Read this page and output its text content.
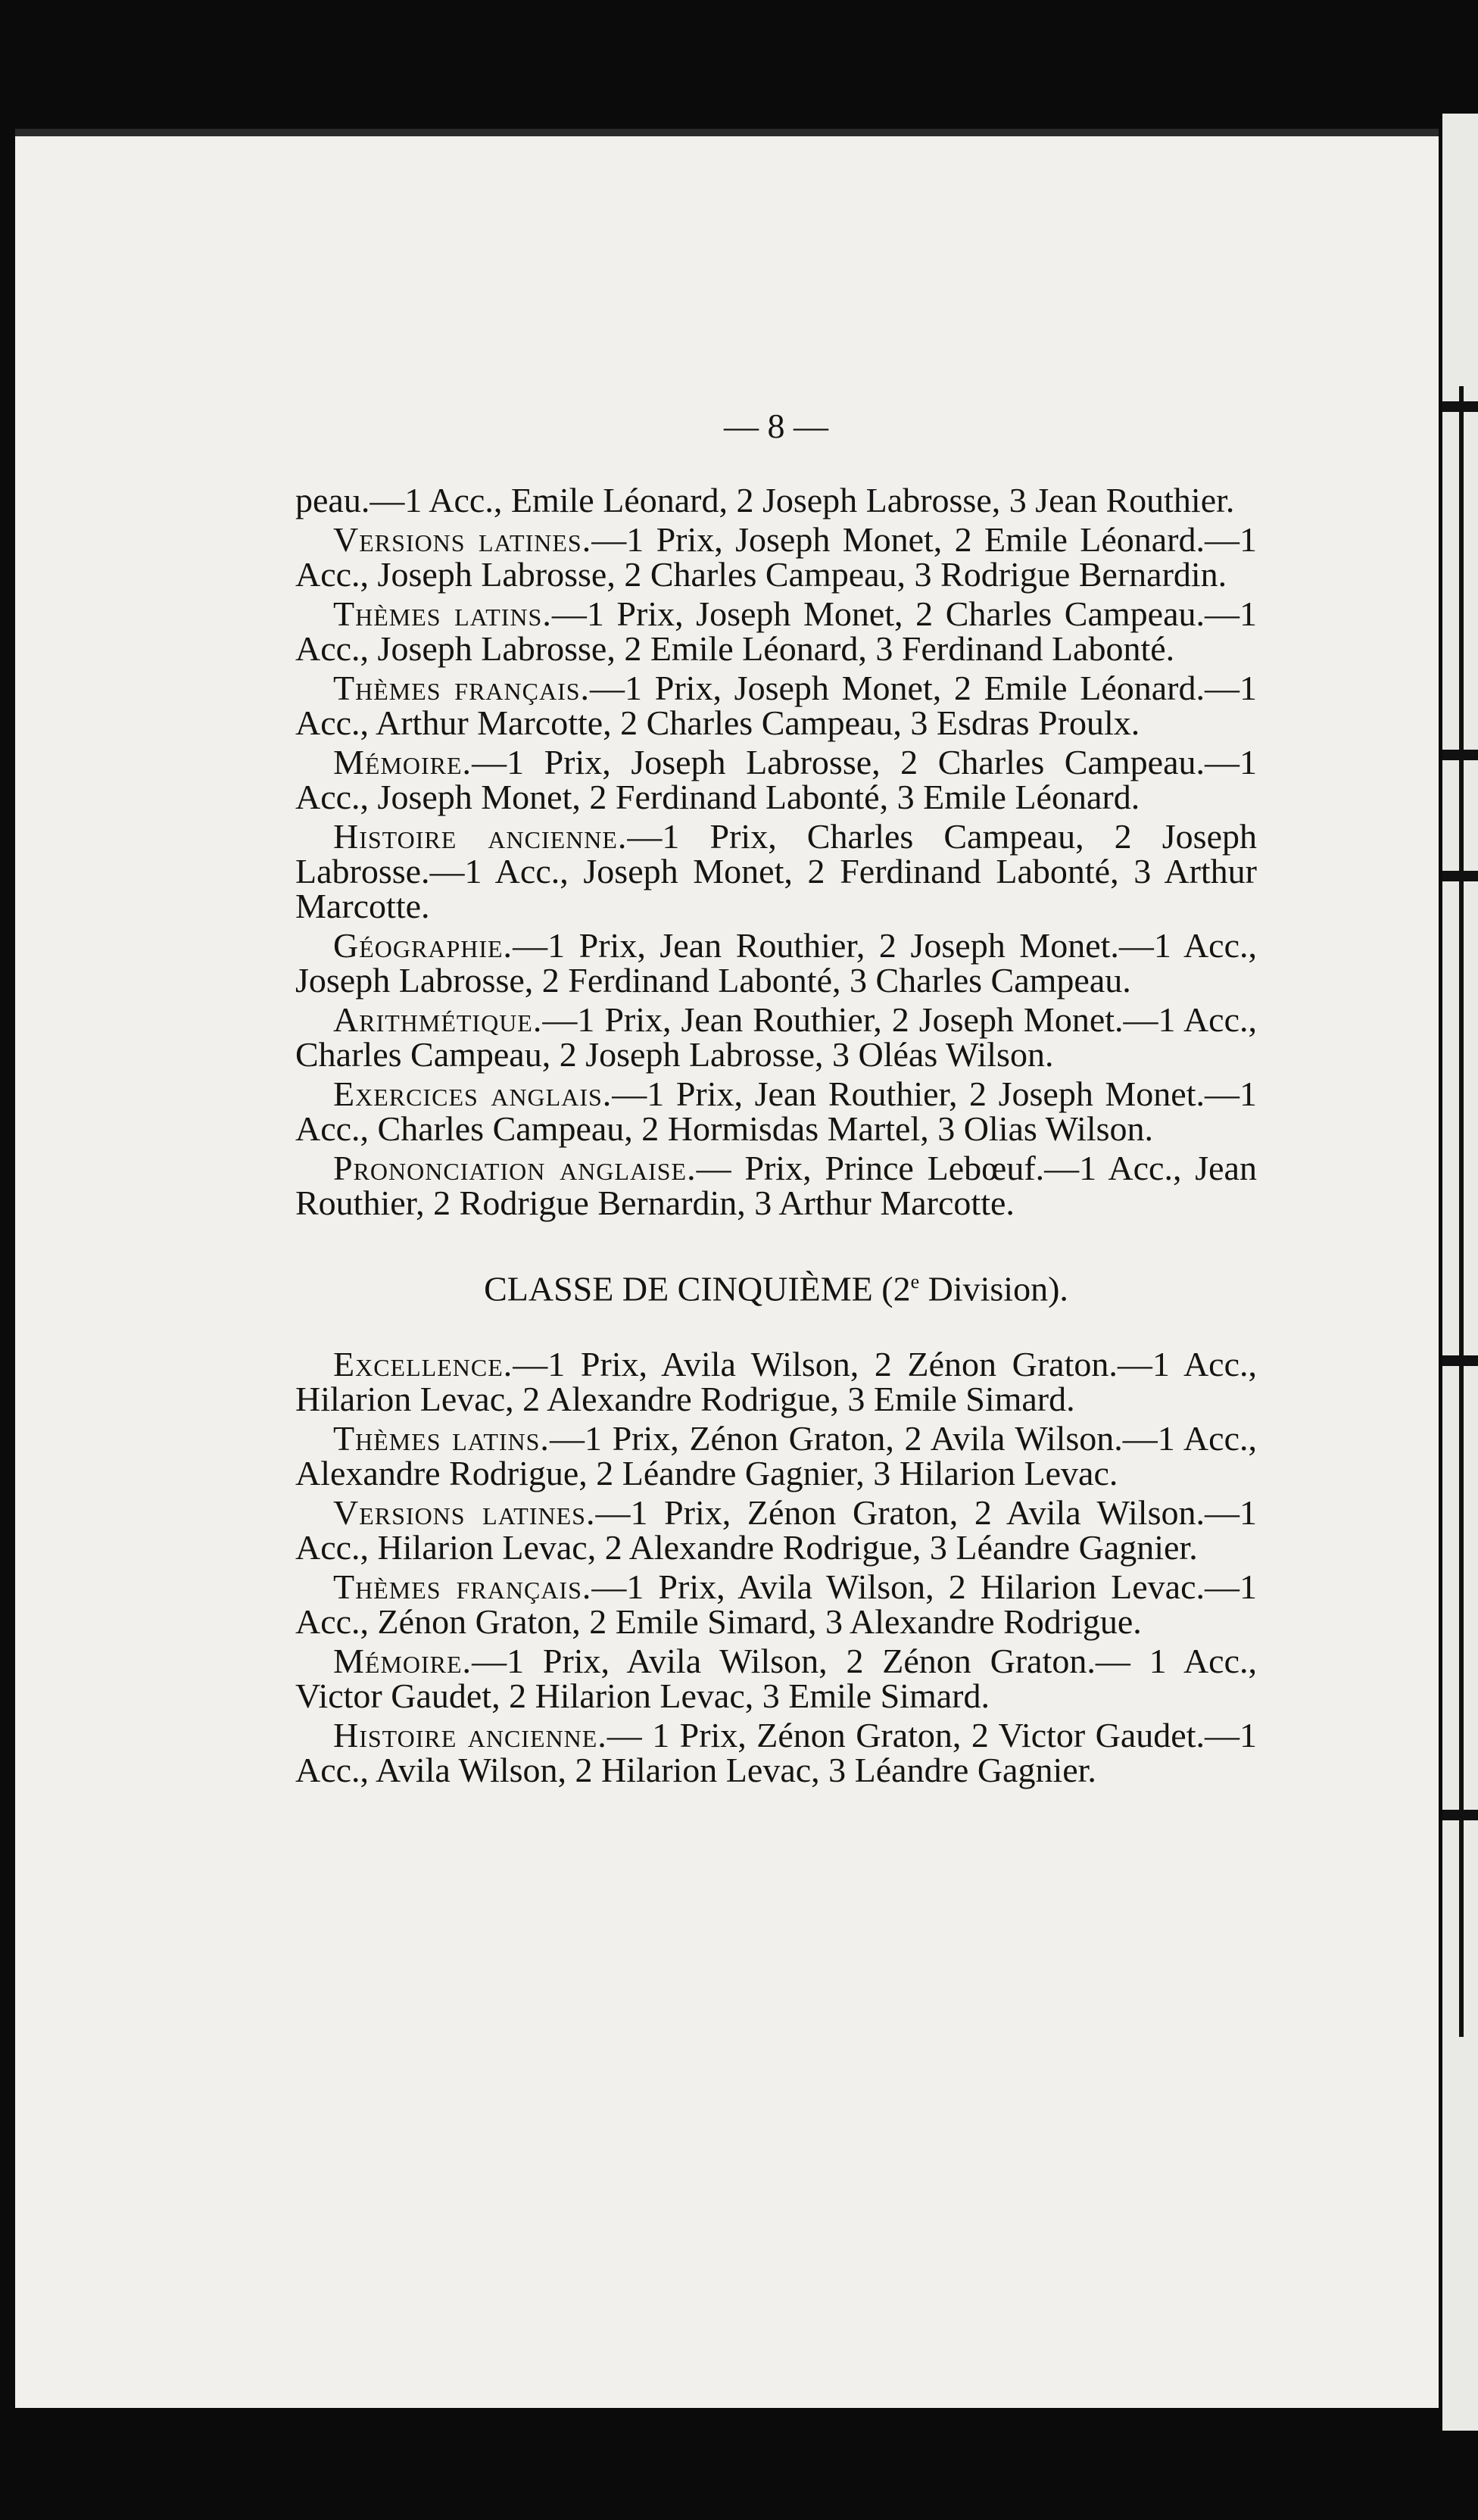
— 8 —

peau.—1 Acc., Emile Léonard, 2 Joseph Labrosse, 3 Jean Routhier.

Versions latines.—1 Prix, Joseph Monet, 2 Emile Léonard.—1 Acc., Joseph Labrosse, 2 Charles Campeau, 3 Rodrigue Bernardin.

Thèmes latins.—1 Prix, Joseph Monet, 2 Charles Campeau.—1 Acc., Joseph Labrosse, 2 Emile Léonard, 3 Ferdinand Labonté.

Thèmes français.—1 Prix, Joseph Monet, 2 Emile Léonard.—1 Acc., Arthur Marcotte, 2 Charles Campeau, 3 Esdras Proulx.

Mémoire.—1 Prix, Joseph Labrosse, 2 Charles Campeau.—1 Acc., Joseph Monet, 2 Ferdinand Labonté, 3 Emile Léonard.

Histoire ancienne.—1 Prix, Charles Campeau, 2 Joseph Labrosse.—1 Acc., Joseph Monet, 2 Ferdinand Labonté, 3 Arthur Marcotte.

Géographie.—1 Prix, Jean Routhier, 2 Joseph Monet.—1 Acc., Joseph Labrosse, 2 Ferdinand Labonté, 3 Charles Campeau.

Arithmétique.—1 Prix, Jean Routhier, 2 Joseph Monet.—1 Acc., Charles Campeau, 2 Joseph Labrosse, 3 Oléas Wilson.

Exercices anglais.—1 Prix, Jean Routhier, 2 Joseph Monet.—1 Acc., Charles Campeau, 2 Hormisdas Martel, 3 Olias Wilson.

Prononciation anglaise.— Prix, Prince Lebœuf.—1 Acc., Jean Routhier, 2 Rodrigue Bernardin, 3 Arthur Marcotte.

CLASSE DE CINQUIÈME (2e Division).

Excellence.—1 Prix, Avila Wilson, 2 Zénon Graton.—1 Acc., Hilarion Levac, 2 Alexandre Rodrigue, 3 Emile Simard.

Thèmes latins.—1 Prix, Zénon Graton, 2 Avila Wilson.—1 Acc., Alexandre Rodrigue, 2 Léandre Gagnier, 3 Hilarion Levac.

Versions latines.—1 Prix, Zénon Graton, 2 Avila Wilson.—1 Acc., Hilarion Levac, 2 Alexandre Rodrigue, 3 Léandre Gagnier.

Thèmes français.—1 Prix, Avila Wilson, 2 Hilarion Levac.—1 Acc., Zénon Graton, 2 Emile Simard, 3 Alexandre Rodrigue.

Mémoire.—1 Prix, Avila Wilson, 2 Zénon Graton.— 1 Acc., Victor Gaudet, 2 Hilarion Levac, 3 Emile Simard.

Histoire ancienne.— 1 Prix, Zénon Graton, 2 Victor Gaudet.—1 Acc., Avila Wilson, 2 Hilarion Levac, 3 Léandre Gagnier.
